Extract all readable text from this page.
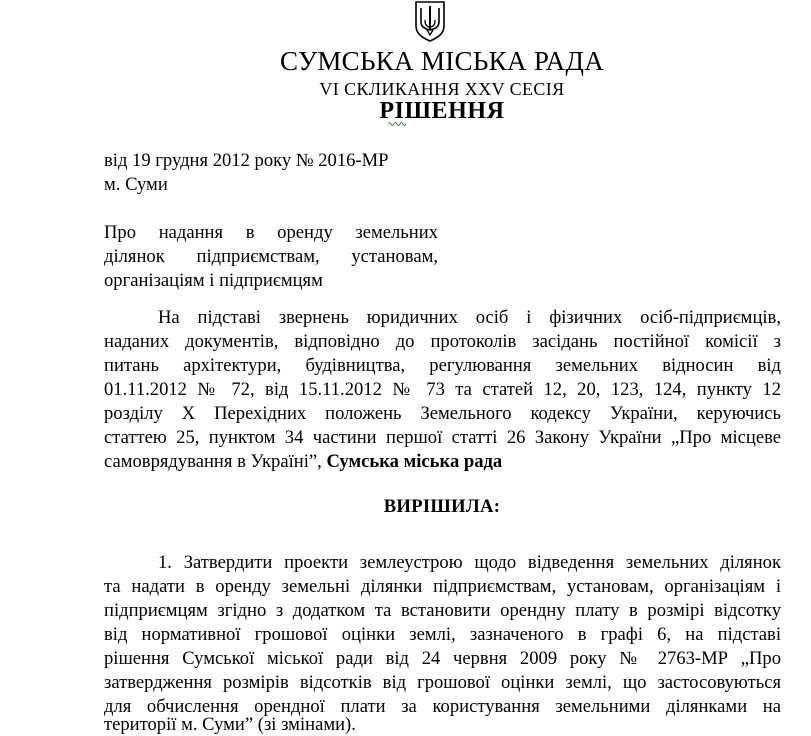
СУМСЬКА МІСЬКА РАДА
VI СКЛИКАННЯ XXV СЕСІЯ
РІШЕННЯ
від 19 грудня 2012 року № 2016-МР
м. Суми
Про надання в оренду земельних
ділянок підприємствам, установам,
організаціям і підприємцям
На підставі звернень юридичних осіб і фізичних осіб-підприємців,
наданих документів, відповідно до протоколів засідань постійної комісії з
питань архітектури, будівництва, регулювання земельних відносин від
01.11.2012 № 72, від 15.11.2012 № 73 та статей 12, 20, 123, 124, пункту 12
розділу X Перехідних положень Земельного кодексу України, керуючись
статтею 25, пунктом 34 частини першої статті 26 Закону України „Про місцеве
самоврядування в Україні”, Сумська міська рада
ВИРІШИЛА:
1. Затвердити проекти землеустрою щодо відведення земельних ділянок
та надати в оренду земельні ділянки підприємствам, установам, організаціям і
підприємцям згідно з додатком та встановити орендну плату в розмірі відсотку
від нормативної грошової оцінки землі, зазначеного в графі 6, на підставі
рішення Сумської міської ради від 24 червня 2009 року № 2763-МР „Про
затвердження розмірів відсотків від грошової оцінки землі, що застосовуються
для обчислення орендної плати за користування земельними ділянками на
території м. Суми” (зі змінами).
